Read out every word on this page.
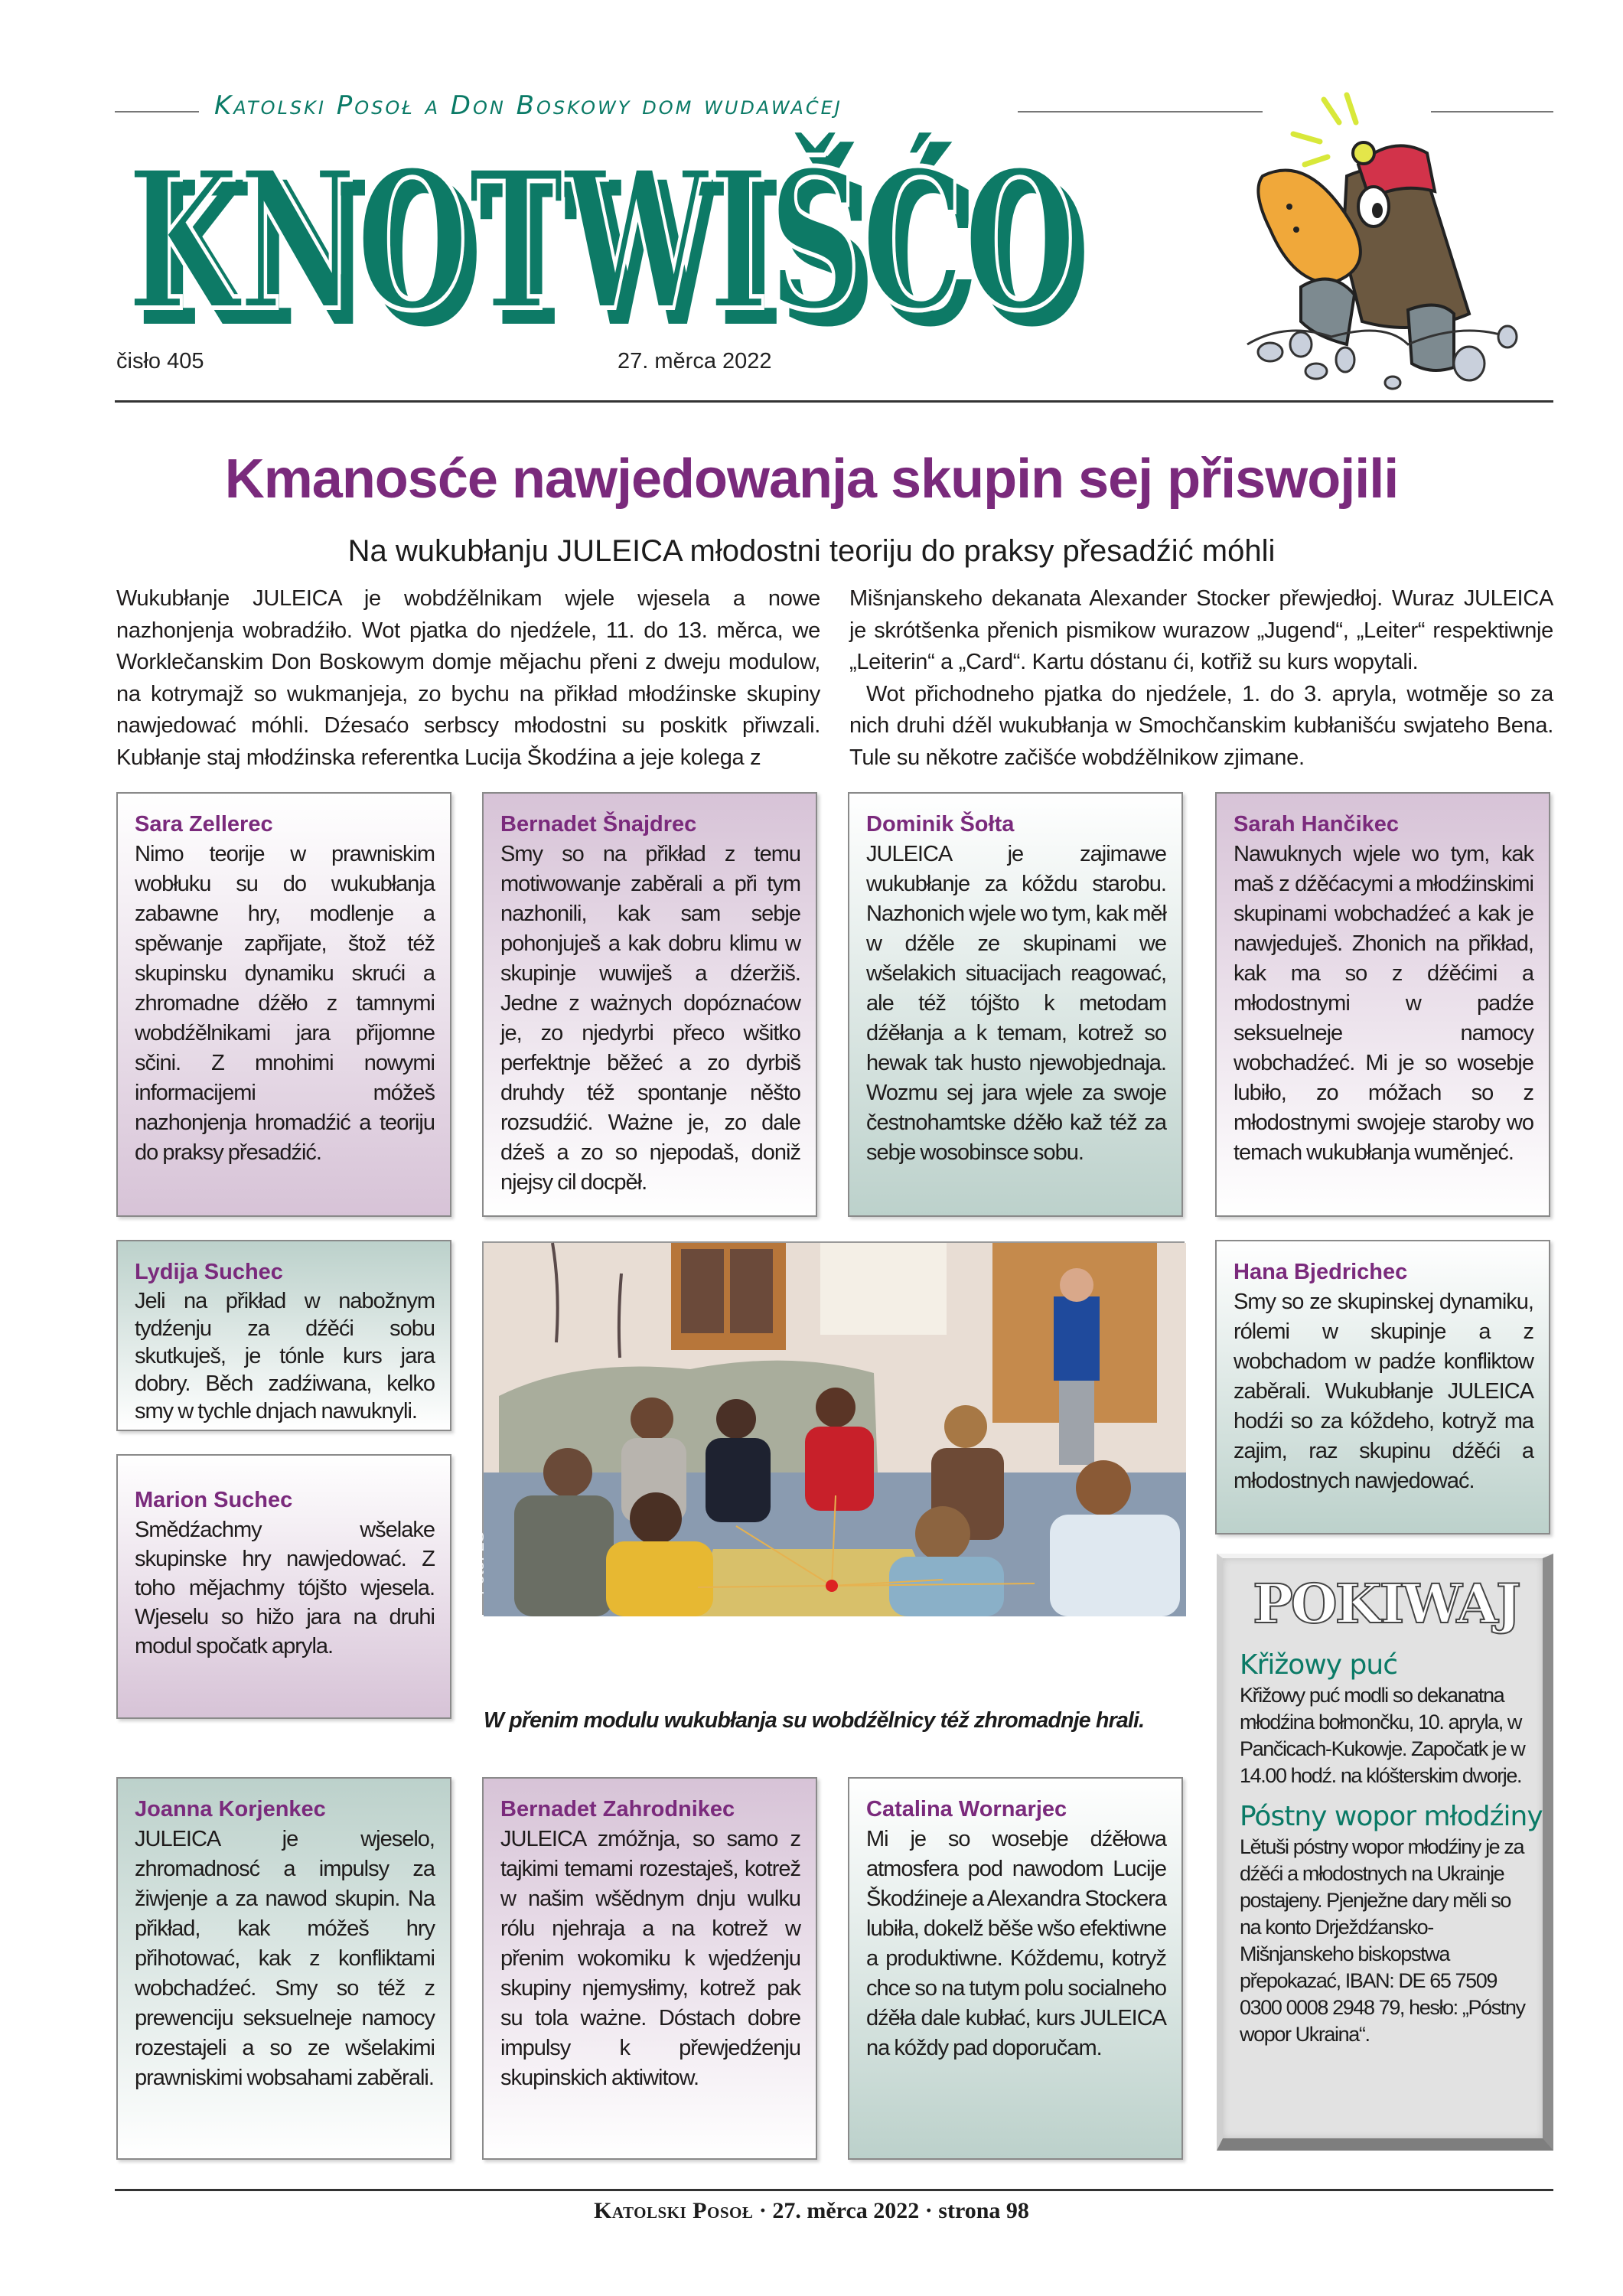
Katolski Posoł a Don Boskowy dom wudawaćej
KNOTWIŠĆO
čisło 405	27. měrca 2022
Kmanosće nawjedowanja skupin sej přiswojili
Na wukubłanju JULEICA młodostni teoriju do praksy přesadźić móhli

Wukubłanje JULEICA je wobdźělnikam wjele wjesela a nowe nazhonjenja wobradźiło. Wot pjatka do njedźele, 11. do 13. měrca, we Worklečanskim Don Boskowym domje mějachu přeni z dweju modulow, na kotrymajž so wukmanjeja, zo bychu na přikład młodźinske skupiny nawjedować móhli. Dźesaćo serbscy młodostni su poskitk přiwzali. Kubłanje staj młodźinska referentka Lucija Škodźina a jeje kolega z

Mišnjanskeho dekanata Alexander Stocker přewjedłoj. Wuraz JULEICA je skrótšenka přenich pismikow wurazow „Jugend“, „Leiter“ respektiwnje „Leiterin“ a „Card“. Kartu dóstanu ći, kotřiž su kurs wopytali.

Wot přichodneho pjatka do njedźele, 1. do 3. apryla, wotměje so za nich druhi dźěl wukubłanja w Smochčanskim kubłanišću swjateho Bena. Tule su někotre začišće wobdźělnikow zjimane.

Sara Zellerec

Nimo teorije w prawniskim wobłuku su do wukubłanja zabawne hry, modlenje a spěwanje zapřijate, štož též skupinsku dynamiku skrući a zhromadne dźěło z tamnymi wobdźělnikami jara přijomne sčini. Z mnohimi nowymi informacijemi móžeš nazhonjenja hromadźić a teoriju do praksy přesadźić.

Bernadet Šnajdrec

Smy so na přikład z temu motiwowanje zaběrali a při tym nazhonili, kak sam sebje pohonjuješ a kak dobru klimu w skupinje wuwiješ a dźeržiš. Jedne z ważnych dopóznaćow je, zo njedyrbi přeco wšitko perfektnje běžeć a zo dyrbiš druhdy též spontanje něšto rozsudźić. Ważne je, zo dale dźeš a zo so njepodaš, doniž njejsy cil docpěł.

Dominik Šołta

JULEICA je zajimawe wukubłanje za kóždu starobu. Nazhonich wjele wo tym, kak měł w dźěle ze skupinami we wšelakich situacijach reagować, ale též tójšto k metodam dźěłanja a k temam, kotrež so hewak tak husto njewobjednaja. Wozmu sej jara wjele za swoje čestnohamtske dźěło kaž též za sebje wosobinsce sobu.

Sarah Hančikec

Nawuknych wjele wo tym, kak maš z dźěćacymi a młodźinskimi skupinami wobchadźeć a kak je nawjeduješ. Zhonich na přikład, kak ma so z dźěćimi a młodostnymi w padźe seksuelneje namocy wobchadźeć. Mi je so wosebje lubiło, zo móžach so z młodostnymi swojeje staroby wo temach wukubłanja wuměnjeć.

Lydija Suchec

Jeli na přikład w nabožnym tydźenju za dźěći sobu skutkuješ, je tónle kurs jara dobry. Běch zadźiwana, kelko smy w tychle dnjach nawuknyli.

Marion Suchec

Smědźachmy wšelake skupinske hry nawjedować. Z toho mějachmy tójšto wjesela. Wjeselu so hižo jara na druhi modul spočatk apryla.

Foto: LŠ
W přenim modulu wukubłanja su wobdźělnicy též zhromadnje hrali.
Hana Bjedrichec

Smy so ze skupinskej dynamiku, rólemi w skupinje a z wobchadom w padźe konfliktow zaběrali. Wukubłanje JULEICA hodźi so za kóždeho, kotryž ma zajim, raz skupinu dźěći a młodostnych nawjedować.

POKIWAJ
Křižowy puć

Křižowy puć modli so dekanatna młodźina bołmončku, 10. apryla, w Pančicach-Kukowje. Započatk je w 14.00 hodź. na klóšterskim dworje.

Póstny wopor młodźiny

Lětuši póstny wopor młodźiny je za dźěći a młodostnych na Ukrainje postajeny. Pjenježne dary měli so na konto Drježdźansko-Mišnjanskeho biskopstwa přepokazać, IBAN: DE 65 7509 0300 0008 2948 79, hesło: „Póstny wopor Ukraina“.

Joanna Korjenkec

JULEICA je wjeselo, zhromadnosć a impulsy za žiwjenje a za nawod skupin. Na přikład, kak móžeš hry přihotować, kak z konfliktami wobchadźeć. Smy so též z prewenciju seksuelneje namocy rozestajeli a so ze wšelakimi prawniskimi wobsahami zaběrali.

Bernadet Zahrodnikec

JULEICA zmóžnja, so samo z tajkimi temami rozestaješ, kotrež w našim wšědnym dnju wulku rólu njehraja a na kotrež w přenim wokomiku k wjedźenju skupiny njemysłimy, kotrež pak su tola ważne. Dóstach dobre impulsy k přewjedźenju skupinskich aktiwitow.

Catalina Wornarjec

Mi je so wosebje dźěłowa atmosfera pod nawodom Lucije Škodźineje a Alexandra Stockera lubiła, dokelž běše wšo efektiwne a produktiwne. Kóždemu, kotryž chce so na tutym polu socialneho dźěła dale kubłać, kurs JULEICA na kóždy pad doporučam.

Katolski Posoł · 27. měrca 2022 · strona 98
